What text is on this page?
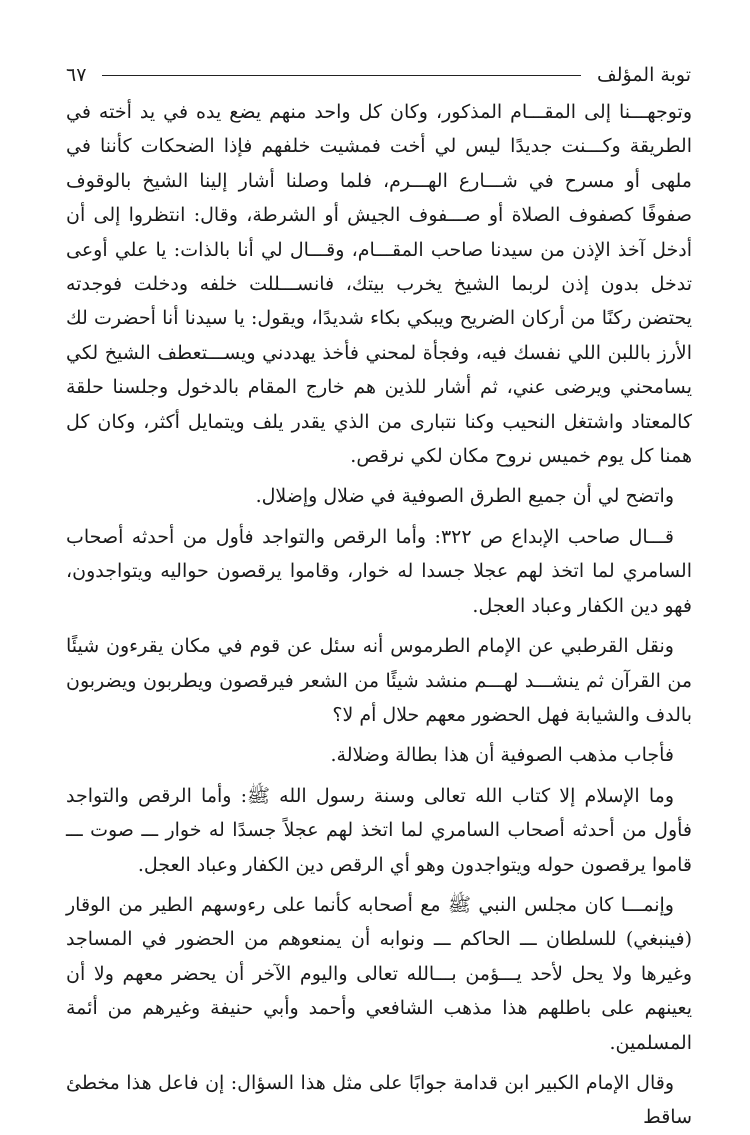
توبة المؤلف
٦٧

وتوجهـــنا إلى المقـــام المذكور، وكان كل واحد منهم يضع يده في يد أخته في الطريقة وكـــنت جديدًا ليس لي أخت فمشيت خلفهم فإذا الضحكات كأننا في ملهى أو مسرح في شـــارع الهـــرم، فلما وصلنا أشار إلينا الشيخ بالوقوف صفوفًا كصفوف الصلاة أو صـــفوف الجيش أو الشرطة، وقال: انتظروا إلى أن أدخل آخذ الإذن من سيدنا صاحب المقـــام، وقـــال لي أنا بالذات: يا علي أوعى تدخل بدون إذن لربما الشيخ يخرب بيتك، فانســـللت خلفه ودخلت فوجدته يحتضن ركنًا من أركان الضريح ويبكي بكاء شديدًا، ويقول: يا سيدنا أنا أحضرت لك الأرز باللبن اللي نفسك فيه، وفجأة لمحني فأخذ يهددني ويســـتعطف الشيخ لكي يسامحني ويرضى عني، ثم أشار للذين هم خارج المقام بالدخول وجلسنا حلقة كالمعتاد واشتغل النحيب وكنا نتبارى من الذي يقدر يلف ويتمايل أكثر، وكان كل همنا كل يوم خميس نروح مكان لكي نرقص.

واتضح لي أن جميع الطرق الصوفية في ضلال وإضلال.

قـــال صاحب الإبداع ص ٣٢٢: وأما الرقص والتواجد فأول من أحدثه أصحاب السامري لما اتخذ لهم عجلا جسدا له خوار، وقاموا يرقصون حواليه ويتواجدون، فهو دين الكفار وعباد العجل.

ونقل القرطبي عن الإمام الطرموس أنه سئل عن قوم في مكان يقرءون شيئًا من القرآن ثم ينشـــد لهـــم منشد شيئًا من الشعر فيرقصون ويطربون ويضربون بالدف والشيابة فهل الحضور معهم حلال أم لا؟

فأجاب مذهب الصوفية أن هذا بطالة وضلالة.

وما الإسلام إلا كتاب الله تعالى وسنة رسول الله ﷺ: وأما الرقص والتواجد فأول من أحدثه أصحاب السامري لما اتخذ لهم عجلاً جسدًا له خوار ـــ صوت ـــ قاموا يرقصون حوله ويتواجدون وهو أي الرقص دين الكفار وعباد العجل.

وإنمـــا كان مجلس النبي ﷺ مع أصحابه كأنما على رءوسهم الطير من الوقار (فينبغي) للسلطان ـــ الحاكم ـــ ونوابه أن يمنعوهم من الحضور في المساجد وغيرها ولا يحل لأحد يـــؤمن بـــالله تعالى واليوم الآخر أن يحضر معهم ولا أن يعينهم على باطلهم هذا مذهب الشافعي وأحمد وأبي حنيفة وغيرهم من أئمة المسلمين.

وقال الإمام الكبير ابن قدامة جوابًا على مثل هذا السؤال: إن فاعل هذا مخطئ ساقط
